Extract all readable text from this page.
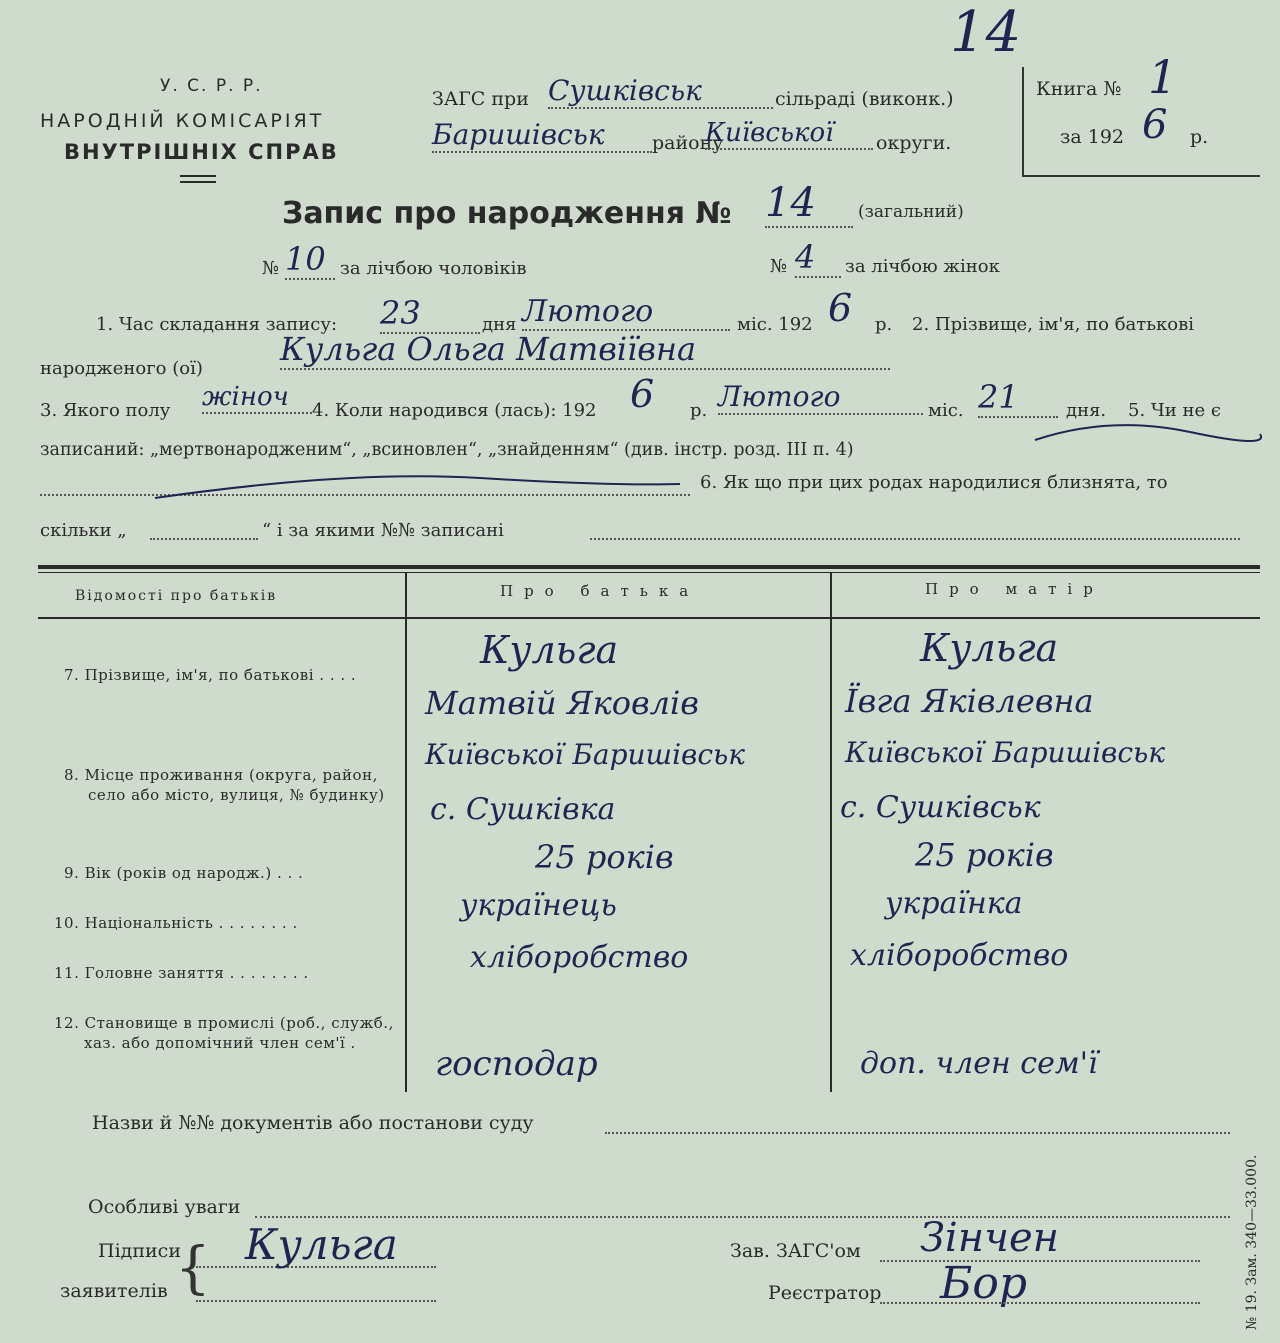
14
У. С. Р. Р.
НАРОДНІЙ КОМІСАРІЯТ
ВНУТРІШНІХ СПРАВ
ЗАГС при Сушківськ	сільраді (виконк.)
Баришівськ	району
Київської	округи.
Книга № 1
за 192 6 р.
Запис про народження № 14	(загальний)
№ 10 за лічбою чоловіків	№ 4	за лічбою жінок
1. Час складання запису: 23	дня Лютого	міс. 192 6 р. 2. Прізвище, ім'я, по батькові
народженого (ої)
Кульга Ольга Матвіївна
3. Якого полу жіноч	4. Коли народився (лась): 192 6 р. Лютого	міс. 21	дня. 5. Чи не є
записаний: „мертвонародженим“, „всиновлен“, „знайденням“ (див. інстр. розд. III п. 4)
6. Як що при цих родах народилися близнята, то
скільки „	“ і за якими №№ записані
Відомості про батьків	Про батька	Про матір
7. Прізвище, ім'я, по батькові . . . .
Кульга	Кульга
Матвій Яковлів	Ївга Яківлевна
8. Місце проживання (округа, район,
село або місто, вулиця, № будинку)
Київської Баришівськ	Київської Баришівськ
с. Сушківка	с. Сушківськ
9. Вік (років од народж.) . . .	25 років	25 років
10. Національність . . . . . . . .	українець	українка
11. Головне заняття . . . . . . . .	хліборобство	хліборобство
12. Становище в промислі (роб., служб.,
хаз. або допомічний член сем'ї .
господар	доп. член сем'ї
Назви й №№ документів або постанови суду
Особливі уваги
Підписи
заявителів { Кульга	Зав. ЗАГС'ом Зінчен
Реєстратор Бор	№ 19. Зам. 340—33.000.
